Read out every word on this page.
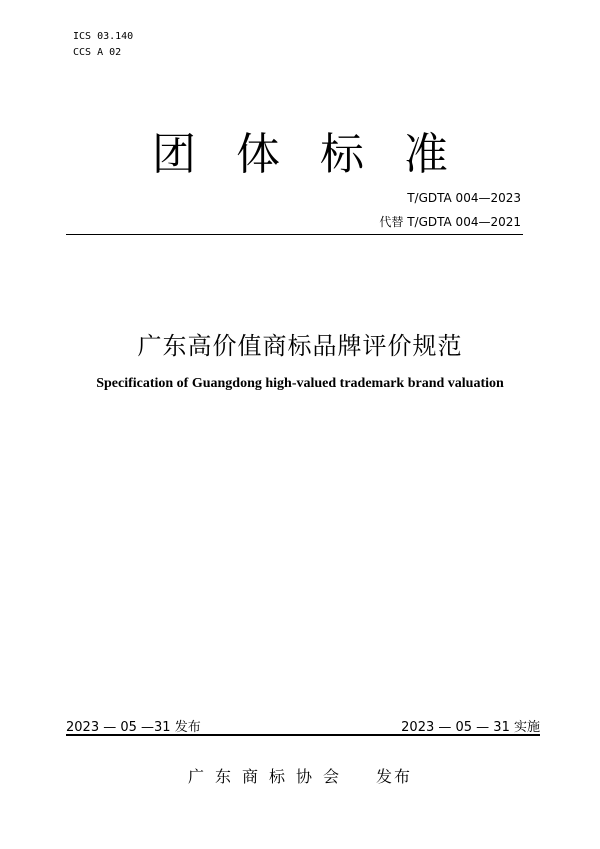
ICS 03.140
CCS A 02
团 体 标 准
T/GDTA 004—2023
代替 T/GDTA 004—2021
广东高价值商标品牌评价规范
Specification of Guangdong high-valued trademark brand valuation
2023 — 05 —31 发布	2023 — 05 — 31 实施
广东商标协会 发布
